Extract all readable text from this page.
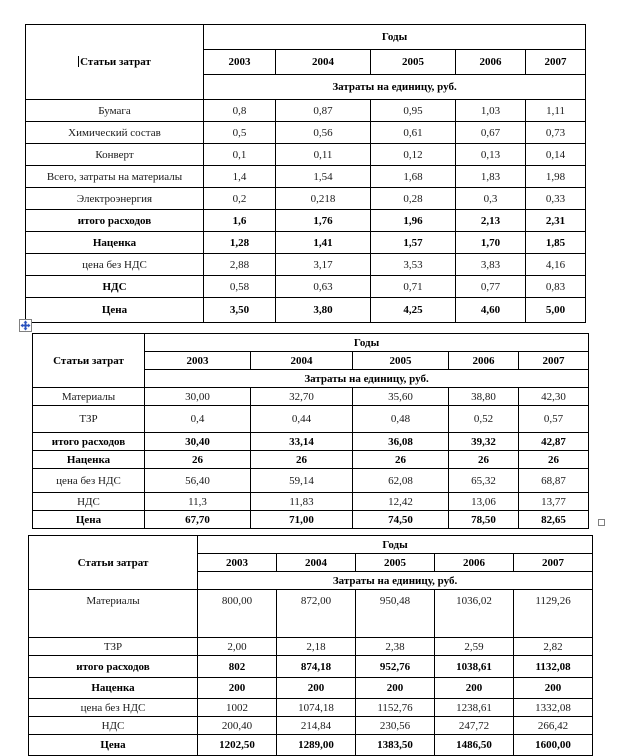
Статьи затрат	Годы				
	2003	2004	2005	2006	2007
	Затраты на единицу, руб.				
Бумага	0,8	0,87	0,95	1,03	1,11
Химический состав	0,5	0,56	0,61	0,67	0,73
Конверт	0,1	0,11	0,12	0,13	0,14
Всего, затраты на материалы	1,4	1,54	1,68	1,83	1,98
Электроэнергия	0,2	0,218	0,28	0,3	0,33
итого расходов	1,6	1,76	1,96	2,13	2,31
Наценка	1,28	1,41	1,57	1,70	1,85
цена без НДС	2,88	3,17	3,53	3,83	4,16
НДС	0,58	0,63	0,71	0,77	0,83
Цена	3,50	3,80	4,25	4,60	5,00
Статьи затрат	Годы				
	2003	2004	2005	2006	2007
	Затраты на единицу, руб.				
Материалы	30,00	32,70	35,60	38,80	42,30
ТЗР	0,4	0,44	0,48	0,52	0,57
итого расходов	30,40	33,14	36,08	39,32	42,87
Наценка	26	26	26	26	26
цена без НДС	56,40	59,14	62,08	65,32	68,87
НДС	11,3	11,83	12,42	13,06	13,77
Цена	67,70	71,00	74,50	78,50	82,65
Статьи затрат	Годы				
	2003	2004	2005	2006	2007
	Затраты на единицу, руб.				
Материалы	800,00	872,00	950,48	1036,02	1129,26
ТЗР	2,00	2,18	2,38	2,59	2,82
итого расходов	802	874,18	952,76	1038,61	1132,08
Наценка	200	200	200	200	200
цена без НДС	1002	1074,18	1152,76	1238,61	1332,08
НДС	200,40	214,84	230,56	247,72	266,42
Цена	1202,50	1289,00	1383,50	1486,50	1600,00
